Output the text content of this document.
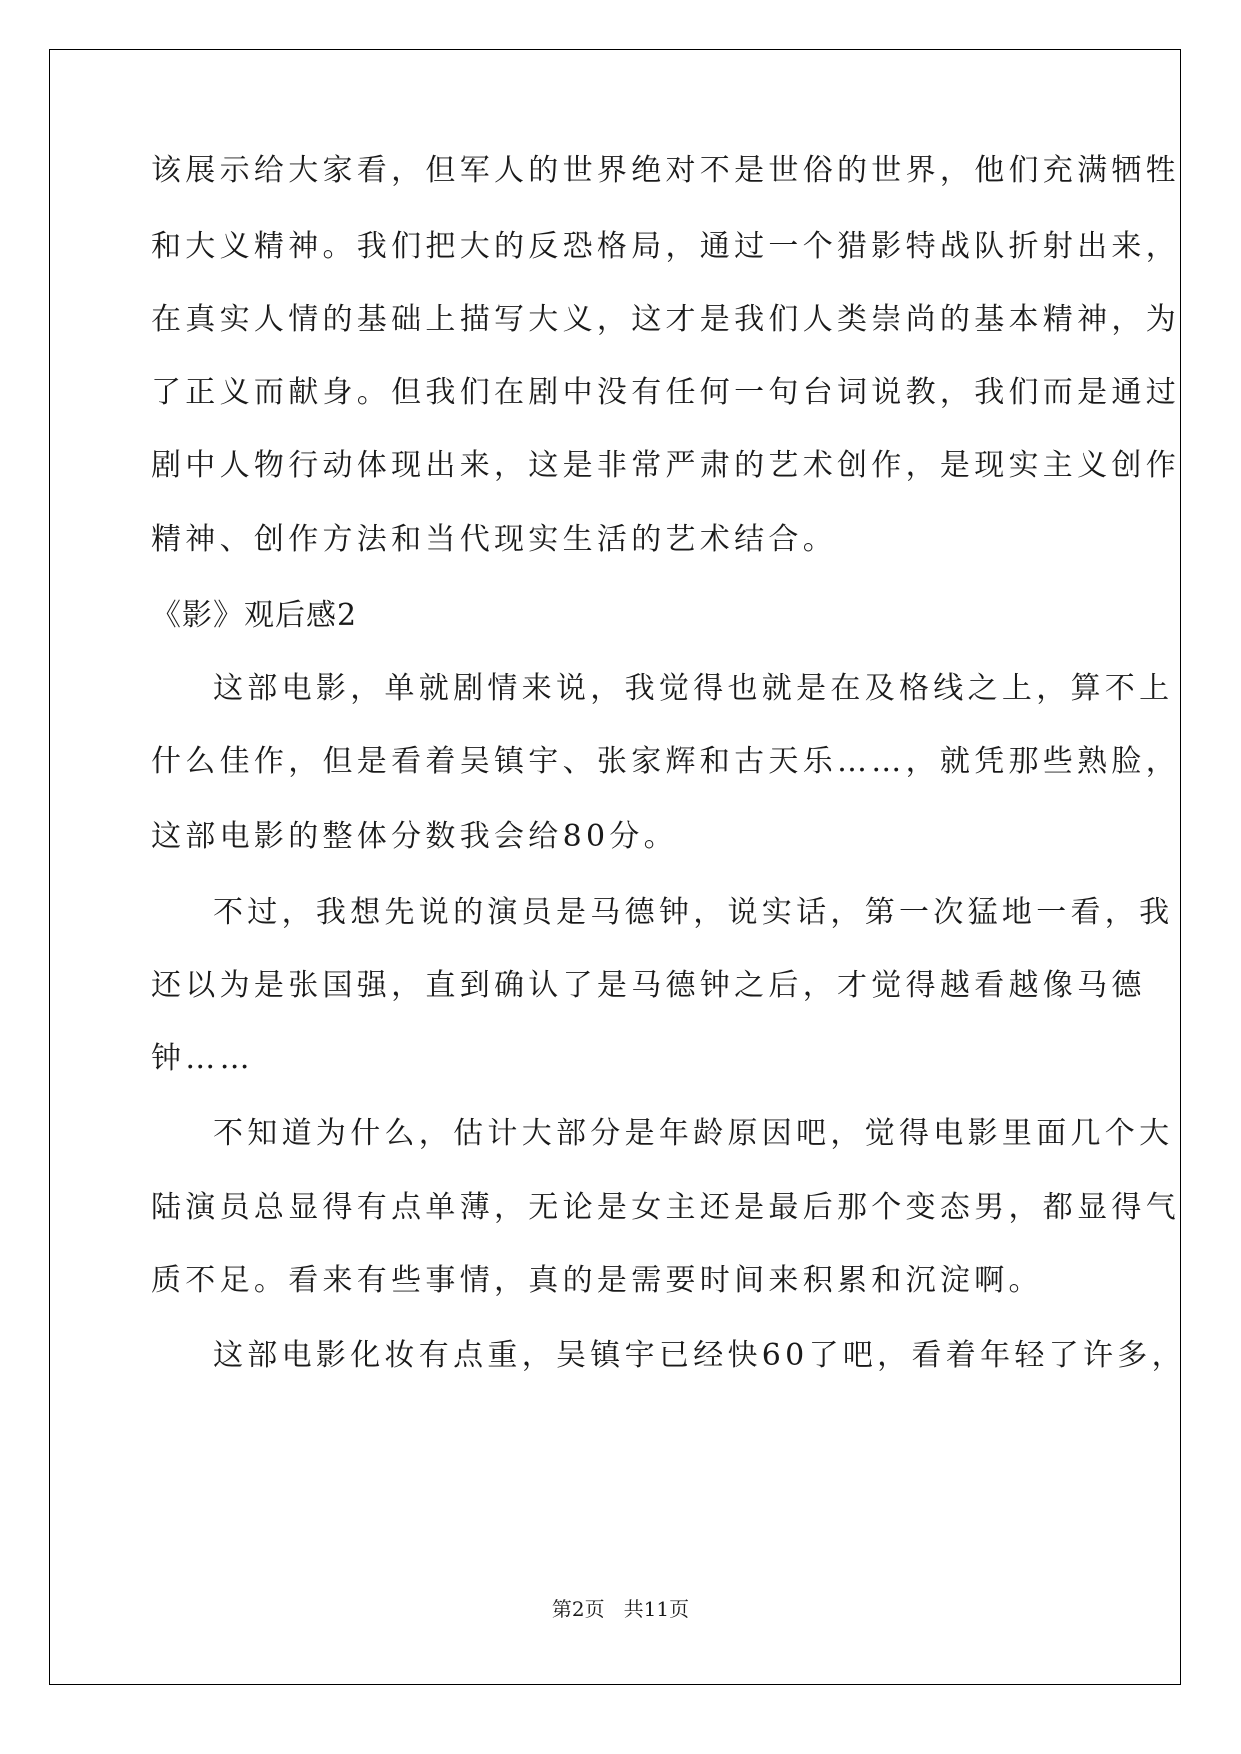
该展示给大家看，但军人的世界绝对不是世俗的世界，他们充满牺牲
和大义精神。我们把大的反恐格局，通过一个猎影特战队折射出来，
在真实人情的基础上描写大义，这才是我们人类崇尚的基本精神，为
了正义而献身。但我们在剧中没有任何一句台词说教，我们而是通过
剧中人物行动体现出来，这是非常严肃的艺术创作，是现实主义创作
精神、创作方法和当代现实生活的艺术结合。
《影》观后感2
这部电影，单就剧情来说，我觉得也就是在及格线之上，算不上
什么佳作，但是看着吴镇宇、张家辉和古天乐……，就凭那些熟脸，
这部电影的整体分数我会给80分。
不过，我想先说的演员是马德钟，说实话，第一次猛地一看，我
还以为是张国强，直到确认了是马德钟之后，才觉得越看越像马德
钟……
不知道为什么，估计大部分是年龄原因吧，觉得电影里面几个大
陆演员总显得有点单薄，无论是女主还是最后那个变态男，都显得气
质不足。看来有些事情，真的是需要时间来积累和沉淀啊。
这部电影化妆有点重，吴镇宇已经快60了吧，看着年轻了许多，
第2页   共11页
